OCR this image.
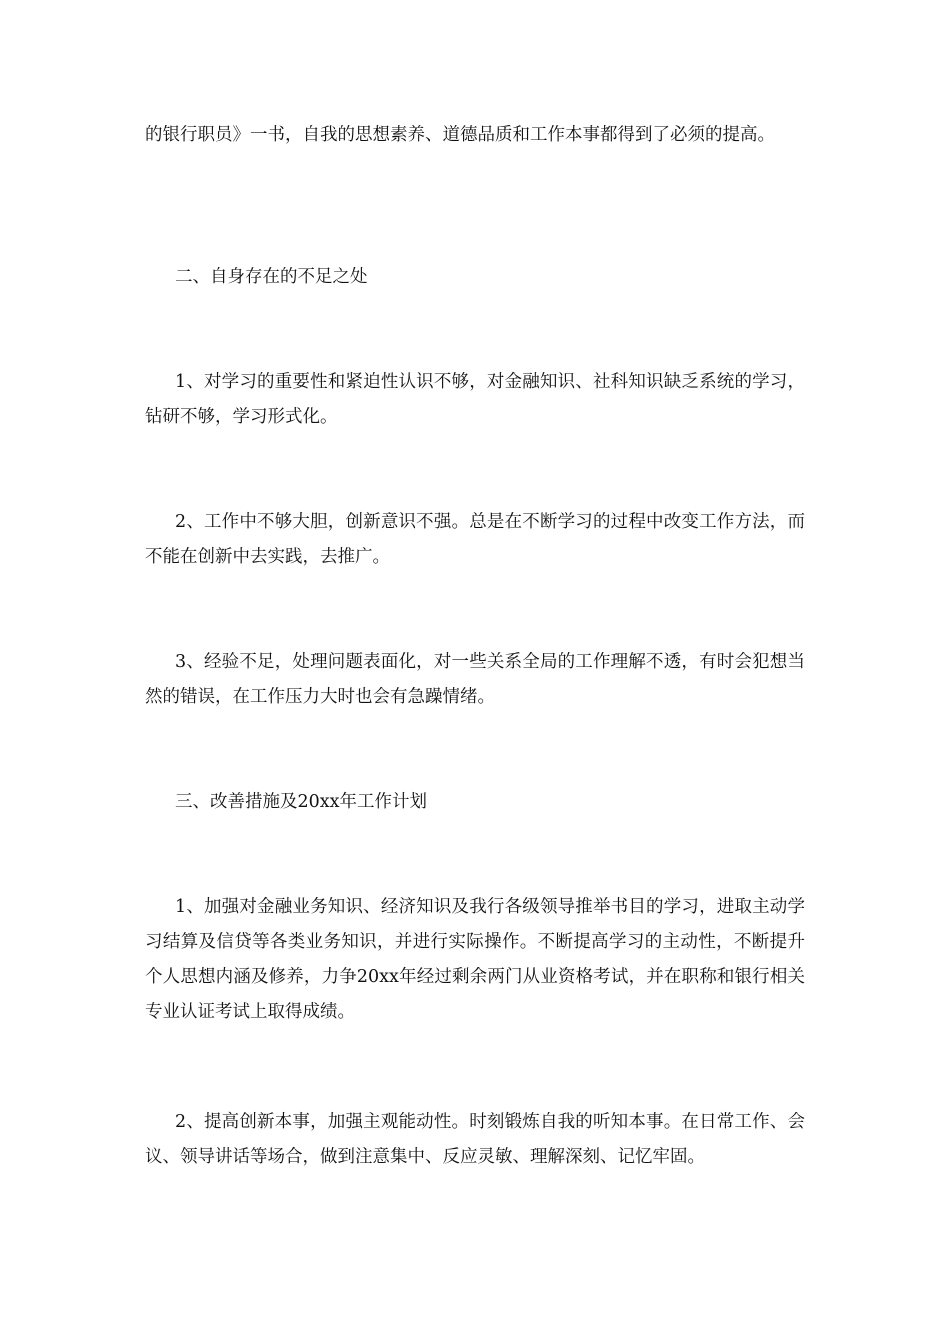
的银行职员》一书，自我的思想素养、道德品质和工作本事都得到了必须的提高。

二、自身存在的不足之处

1、对学习的重要性和紧迫性认识不够，对金融知识、社科知识缺乏系统的学习，钻研不够，学习形式化。

2、工作中不够大胆，创新意识不强。总是在不断学习的过程中改变工作方法，而不能在创新中去实践，去推广。

3、经验不足，处理问题表面化，对一些关系全局的工作理解不透，有时会犯想当然的错误，在工作压力大时也会有急躁情绪。

三、改善措施及20xx年工作计划

1、加强对金融业务知识、经济知识及我行各级领导推举书目的学习，进取主动学习结算及信贷等各类业务知识，并进行实际操作。不断提高学习的主动性，不断提升个人思想内涵及修养，力争20xx年经过剩余两门从业资格考试，并在职称和银行相关专业认证考试上取得成绩。

2、提高创新本事，加强主观能动性。时刻锻炼自我的听知本事。在日常工作、会议、领导讲话等场合，做到注意集中、反应灵敏、理解深刻、记忆牢固。
